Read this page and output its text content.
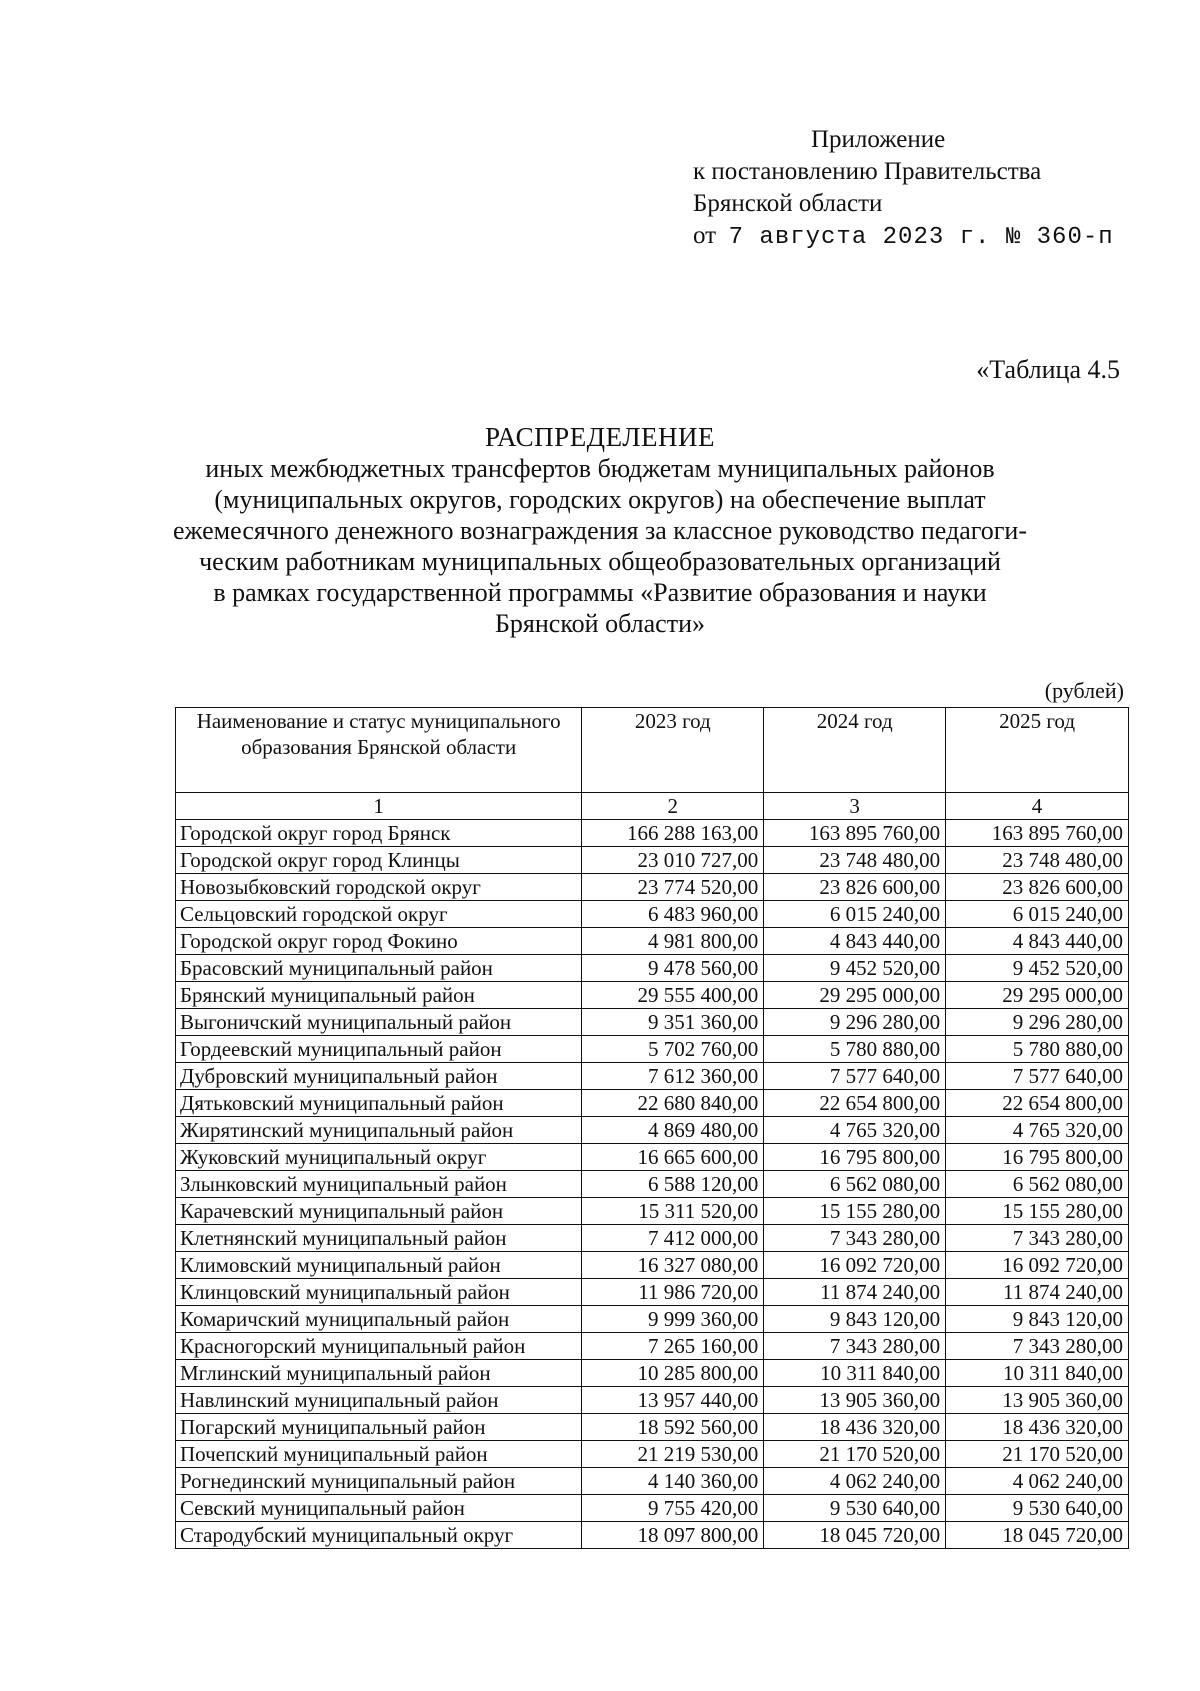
Приложение
к постановлению Правительства
Брянской области
от 7 августа 2023 г. № 360-п
«Таблица 4.5
РАСПРЕДЕЛЕНИЕ
иных межбюджетных трансфертов бюджетам муниципальных районов
(муниципальных округов, городских округов) на обеспечение выплат
ежемесячного денежного вознаграждения за классное руководство педагоги-
ческим работникам муниципальных общеобразовательных организаций
в рамках государственной программы «Развитие образования и науки
Брянской области»
(рублей)
Наименование и статус муниципального образования Брянской области	2023 год	2024 год	2025 год
1	2	3	4
Городской округ город Брянск	166 288 163,00	163 895 760,00	163 895 760,00
Городской округ город Клинцы	23 010 727,00	23 748 480,00	23 748 480,00
Новозыбковский городской округ	23 774 520,00	23 826 600,00	23 826 600,00
Сельцовский городской округ	6 483 960,00	6 015 240,00	6 015 240,00
Городской округ город Фокино	4 981 800,00	4 843 440,00	4 843 440,00
Брасовский муниципальный район	9 478 560,00	9 452 520,00	9 452 520,00
Брянский муниципальный район	29 555 400,00	29 295 000,00	29 295 000,00
Выгоничский муниципальный район	9 351 360,00	9 296 280,00	9 296 280,00
Гордеевский муниципальный район	5 702 760,00	5 780 880,00	5 780 880,00
Дубровский муниципальный район	7 612 360,00	7 577 640,00	7 577 640,00
Дятьковский муниципальный район	22 680 840,00	22 654 800,00	22 654 800,00
Жирятинский муниципальный район	4 869 480,00	4 765 320,00	4 765 320,00
Жуковский муниципальный округ	16 665 600,00	16 795 800,00	16 795 800,00
Злынковский муниципальный район	6 588 120,00	6 562 080,00	6 562 080,00
Карачевский муниципальный район	15 311 520,00	15 155 280,00	15 155 280,00
Клетнянский муниципальный район	7 412 000,00	7 343 280,00	7 343 280,00
Климовский муниципальный район	16 327 080,00	16 092 720,00	16 092 720,00
Клинцовский муниципальный район	11 986 720,00	11 874 240,00	11 874 240,00
Комаричский муниципальный район	9 999 360,00	9 843 120,00	9 843 120,00
Красногорский муниципальный район	7 265 160,00	7 343 280,00	7 343 280,00
Мглинский муниципальный район	10 285 800,00	10 311 840,00	10 311 840,00
Навлинский муниципальный район	13 957 440,00	13 905 360,00	13 905 360,00
Погарский муниципальный район	18 592 560,00	18 436 320,00	18 436 320,00
Почепский муниципальный район	21 219 530,00	21 170 520,00	21 170 520,00
Рогнединский муниципальный район	4 140 360,00	4 062 240,00	4 062 240,00
Севский муниципальный район	9 755 420,00	9 530 640,00	9 530 640,00
Стародубский муниципальный округ	18 097 800,00	18 045 720,00	18 045 720,00
